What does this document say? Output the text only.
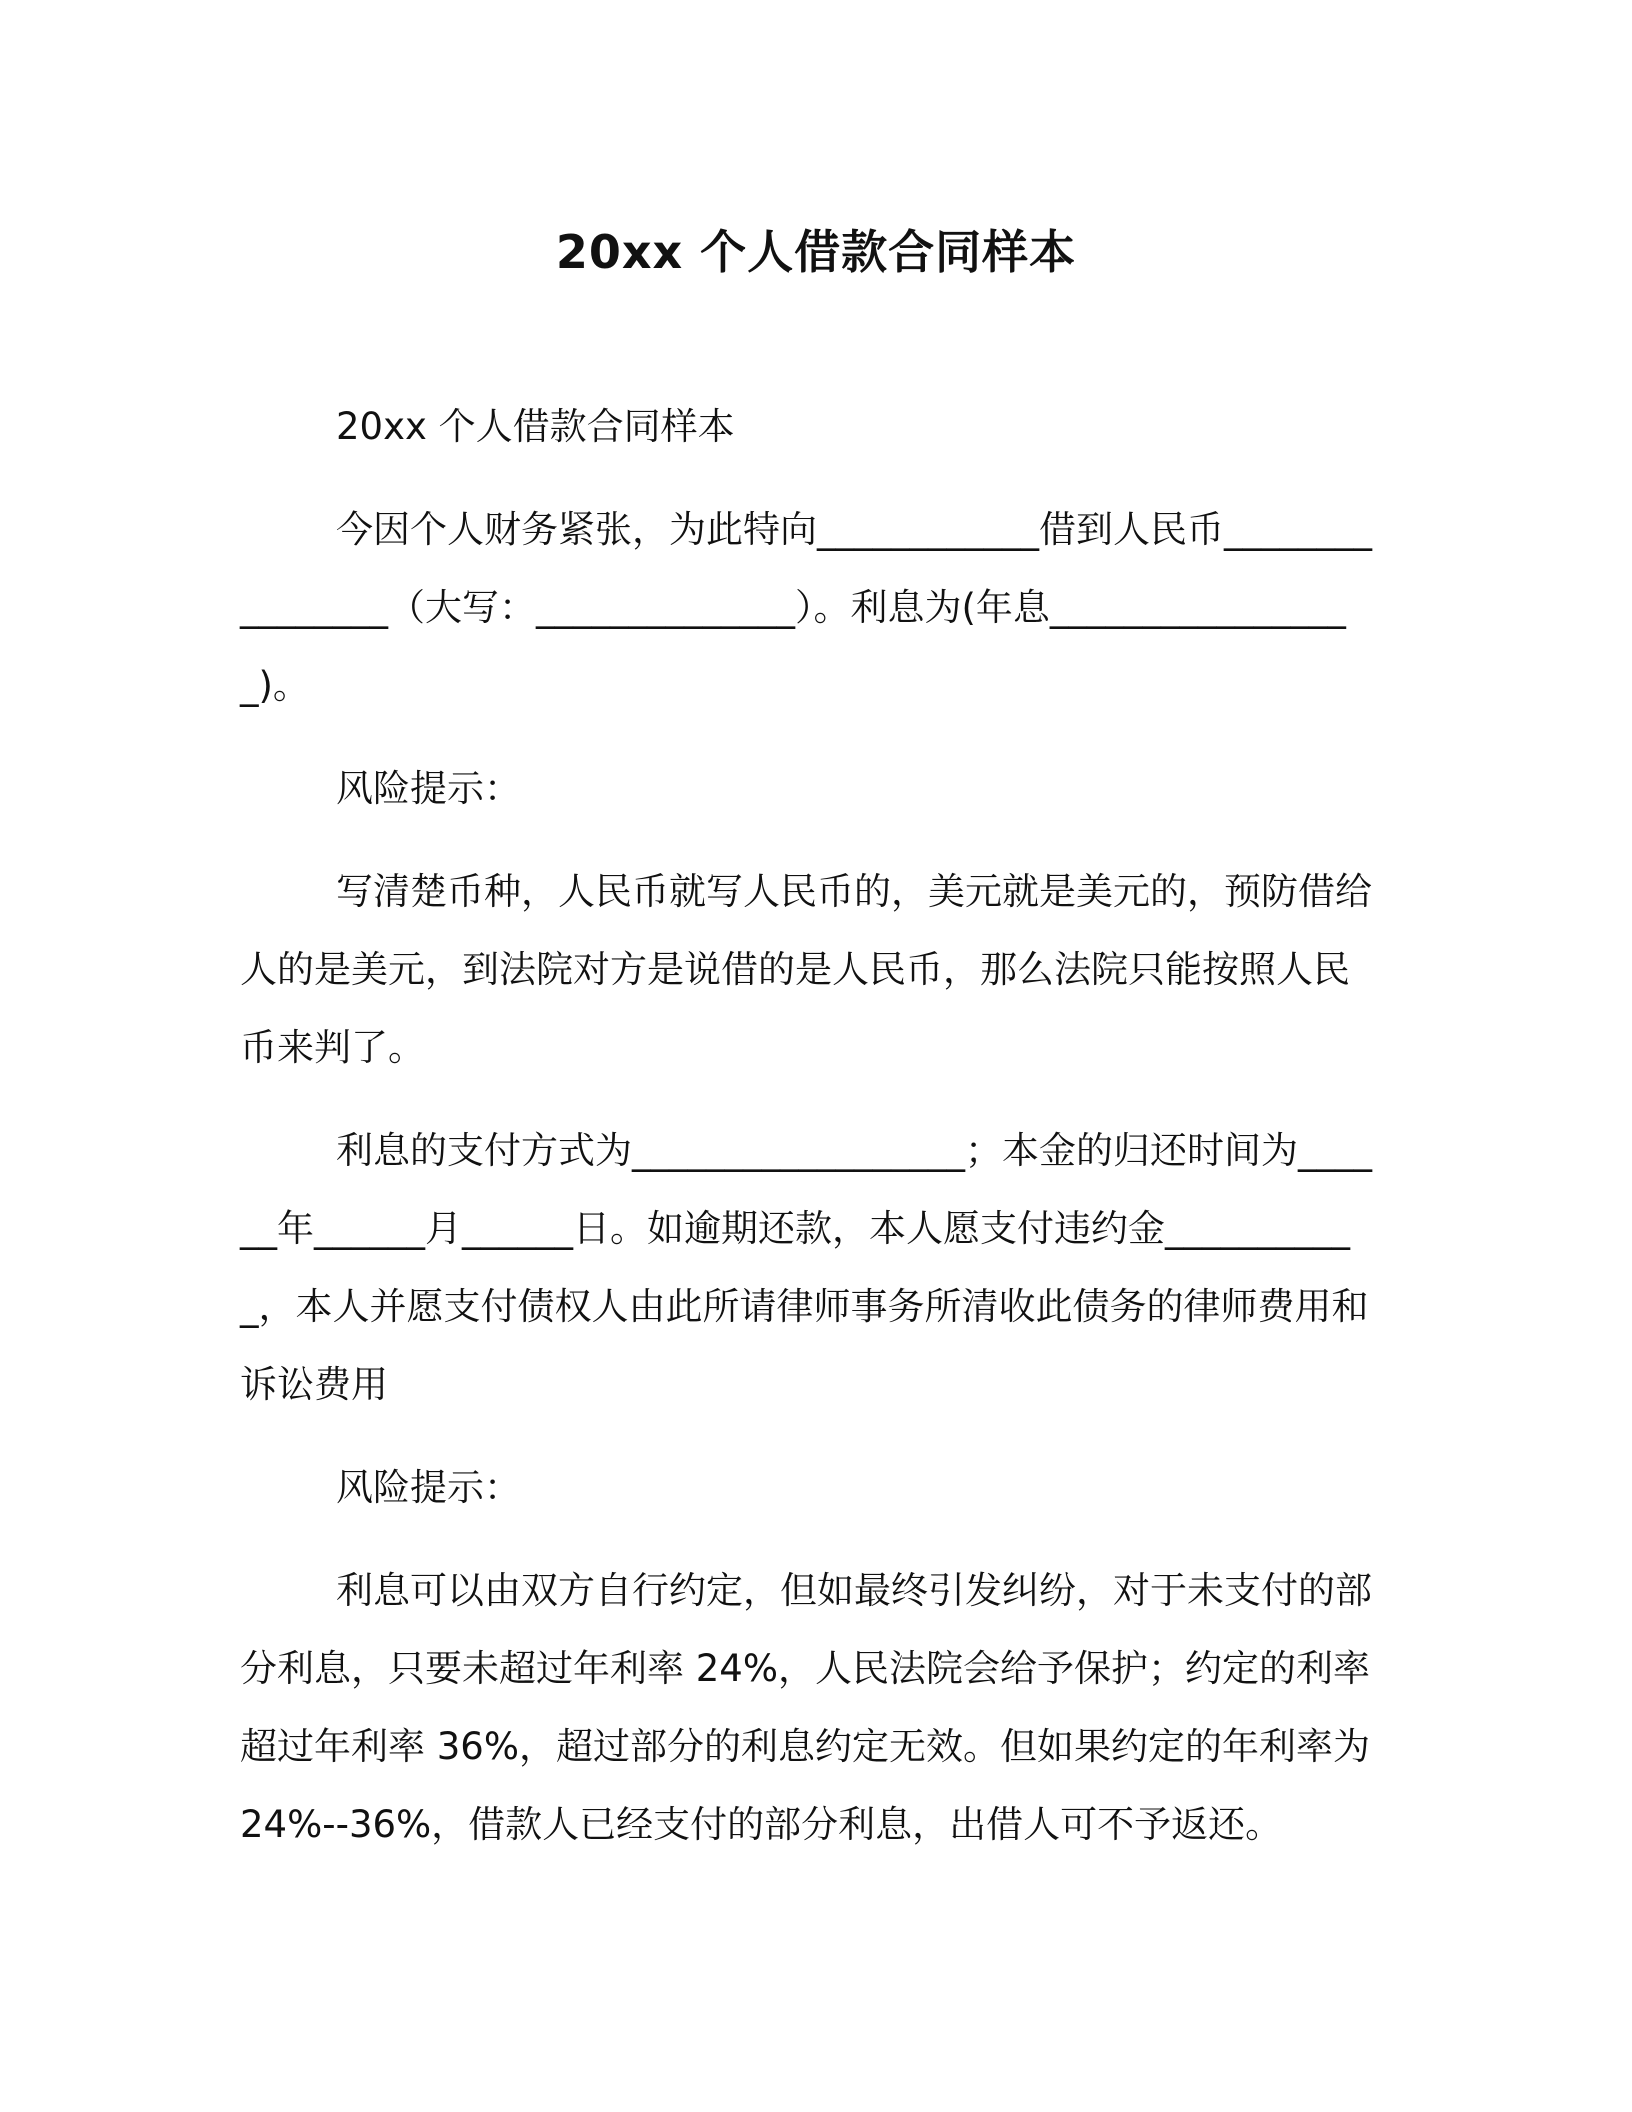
20xx 个人借款合同样本

20xx 个人借款合同样本

今因个人财务紧张，为此特向____________借到人民币________________（大写：______________）。利息为(年息_________________)。

风险提示：

写清楚币种，人民币就写人民币的，美元就是美元的，预防借给人的是美元，到法院对方是说借的是人民币，那么法院只能按照人民币来判了。

利息的支付方式为__________________；本金的归还时间为______年______月______日。如逾期还款，本人愿支付违约金___________，本人并愿支付债权人由此所请律师事务所清收此债务的律师费用和诉讼费用

风险提示：

利息可以由双方自行约定，但如最终引发纠纷，对于未支付的部分利息，只要未超过年利率 24%，人民法院会给予保护；约定的利率超过年利率 36%，超过部分的利息约定无效。但如果约定的年利率为 24%--36%，借款人已经支付的部分利息，出借人可不予返还。
